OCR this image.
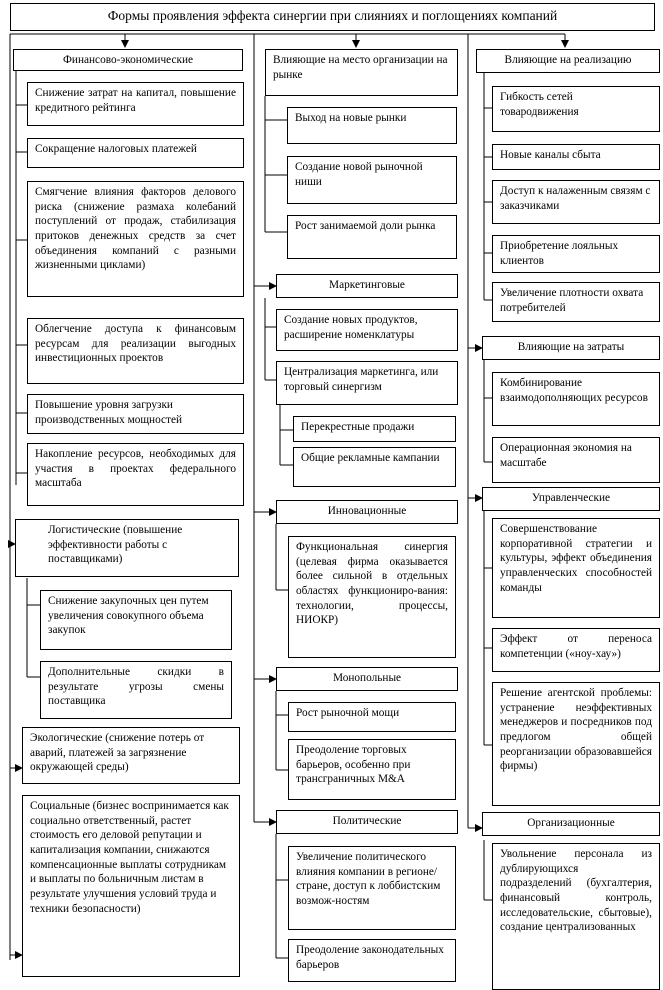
Формы проявления эффекта синергии при слияниях и поглощениях компаний
Финансово-экономические
Снижение затрат на капитал, повышение кредитного рейтинга
Сокращение налоговых платежей
Смягчение влияния факторов делового риска (снижение размаха колебаний поступлений от продаж, стабилизация притоков денежных средств за счет объединения компаний с разными жизненными циклами)
Облегчение доступа к финансовым ресурсам для реализации выгодных инвестиционных проектов
Повышение уровня загрузки производственных мощностей
Накопление ресурсов, необходимых для участия в проектах федерального масштаба
Логистические (повышение эффективности работы с поставщиками)
Снижение закупочных цен путем увеличения совокупного объема закупок
Дополнительные скидки в результате угрозы смены поставщика
Экологические (снижение потерь от аварий, платежей за загрязнение окружающей среды)
Социальные (бизнес воспринимается как социально ответственный, растет стоимость его деловой репутации и капитализация компании, снижаются компенсационные выплаты сотрудникам и выплаты по больничным листам в результате улучшения условий труда и техники безопасности)
Влияющие на место организации на рынке
Выход на новые рынки
Создание новой рыночной ниши
Рост занимаемой доли рынка
Маркетинговые
Создание новых продуктов, расширение номенклатуры
Централизация маркетинга, или торговый синергизм
Перекрестные продажи
Общие рекламные кампании
Инновационные
Функциональная синергия (целевая фирма оказывается более сильной в отдельных областях функциониро-вания: технологии, процессы, НИОКР)
Монопольные
Рост рыночной мощи
Преодоление торговых барьеров, особенно при трансграничных M&A
Политические
Увеличение политического влияния компании в регионе/стране, доступ к лоббистским возмож-ностям
Преодоление законодательных барьеров
Влияющие на реализацию
Гибкость сетей товародвижения
Новые каналы сбыта
Доступ к налаженным связям с заказчиками
Приобретение лояльных клиентов
Увеличение плотности охвата потребителей
Влияющие на затраты
Комбинирование взаимодополняющих ресурсов
Операционная экономия на масштабе
Управленческие
Совершенствование корпоративной стратегии и культуры, эффект объединения управленческих способностей команды
Эффект от переноса компетенции («ноу-хау»)
Решение агентской проблемы: устранение неэффективных менеджеров и посредников под предлогом общей реорганизации образовавшейся фирмы)
Организационные
Увольнение персонала из дублирующихся подразделений (бухгалтерия, финансовый контроль, исследовательские, сбытовые), создание централизованных
